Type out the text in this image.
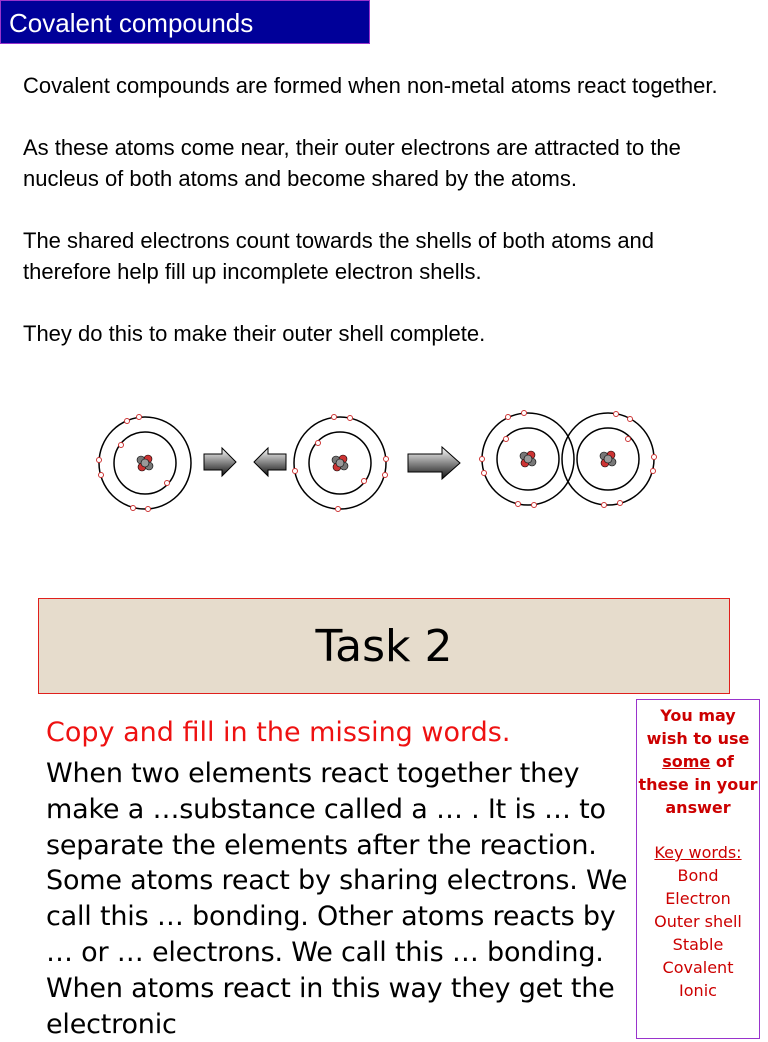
Covalent compounds

Covalent compounds are formed when non-metal atoms react together.

As these atoms come near, their outer electrons are attracted to the nucleus of both atoms and become shared by the atoms.

The shared electrons count towards the shells of both atoms and therefore help fill up incomplete electron shells.

They do this to make their outer shell complete.

Task 2
Copy and fill in the missing words.
When two elements react together they make a …substance called a … . It is … to separate the elements after the reaction. Some atoms react by sharing electrons. We call this … bonding. Other atoms reacts by … or … electrons. We call this … bonding. When atoms react in this way they get the electronic
You may wish to use some of these in your answer
Key words:
Bond
Electron
Outer shell
Stable
Covalent
Ionic
